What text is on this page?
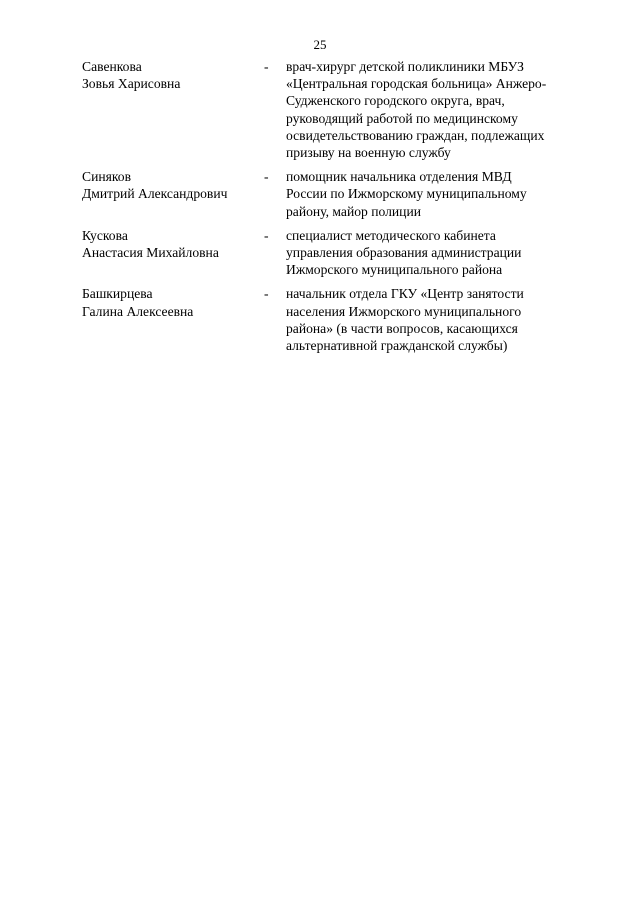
25
Савенкова
Зовья Харисовна
-	врач-хирург детской поликлиники МБУЗ
«Центральная городская больница» Анжеро-
Судженского городского округа, врач,
руководящий работой по медицинскому
освидетельствованию граждан, подлежащих
призыву на военную службу
Синяков
Дмитрий Александрович
-	помощник начальника отделения МВД
России по Ижморскому муниципальному
району, майор полиции
Кускова
Анастасия Михайловна
-	специалист методического кабинета
управления образования администрации
Ижморского муниципального района
Башкирцева
Галина Алексеевна
-	начальник отдела ГКУ «Центр занятости
населения Ижморского муниципального
района» (в части вопросов, касающихся
альтернативной гражданской службы)
